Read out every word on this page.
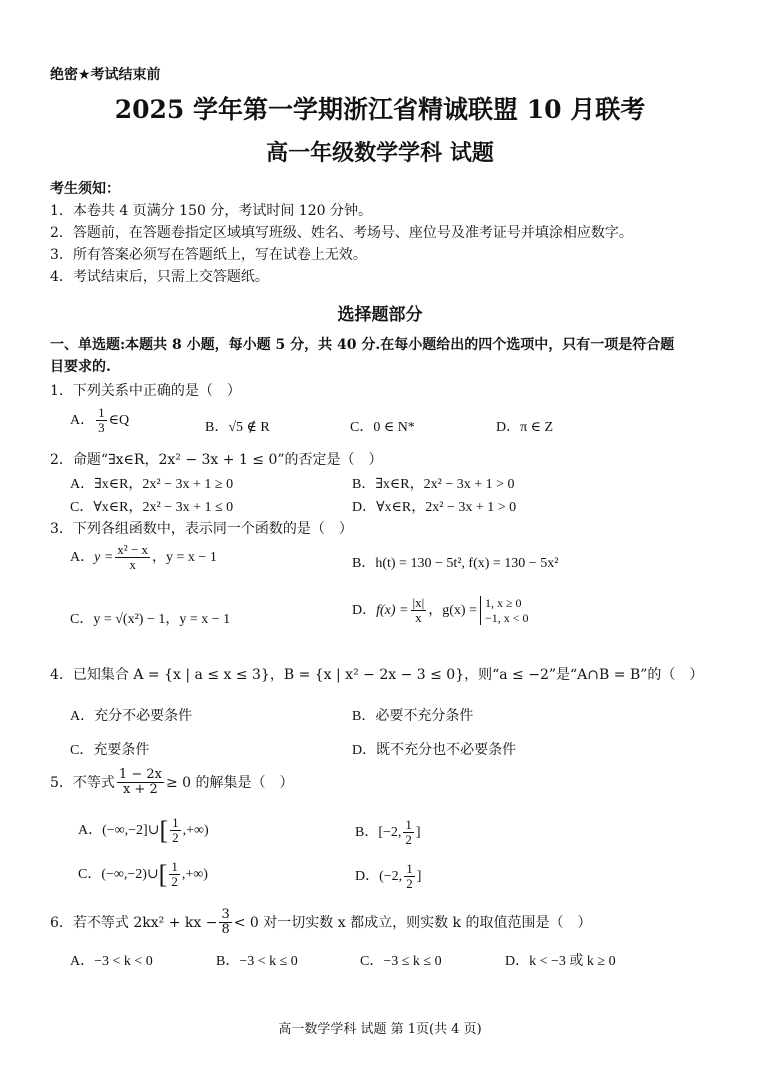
绝密★考试结束前
2025 学年第一学期浙江省精诚联盟 10 月联考
高一年级数学学科 试题
考生须知：
1．本卷共 4 页满分 150 分，考试时间 120 分钟。
2．答题前，在答题卷指定区域填写班级、姓名、考场号、座位号及准考证号并填涂相应数字。
3．所有答案必须写在答题纸上，写在试卷上无效。
4．考试结束后，只需上交答题纸。
选择题部分
一、单选题:本题共 8 小题，每小题 5 分，共 40 分.在每小题给出的四个选项中，只有一项是符合题
目要求的.
1．下列关系中正确的是（　）
A． $\frac{1}{3}$ ∈Q	B．√5 ∉ R	C．0 ∈ N*	D．π ∈ Z
2．命题“∃x∈R，2x² − 3x + 1 ≤ 0”的否定是（　）
A．∃x∈R，2x² − 3x + 1 ≥ 0	B．∃x∈R，2x² − 3x + 1 > 0
C．∀x∈R，2x² − 3x + 1 ≤ 0	D．∀x∈R，2x² − 3x + 1 > 0
3．下列各组函数中，表示同一个函数的是（　）
A．$y = \frac{\text{x² − x}}{x}$ ，y = x − 1	B．h(t) = 130 − 5t², f(x) = 130 − 5x²
C．y = √(x²) − 1，y = x − 1
D．$f(x) = \frac{|x|}{x}$ ，g(x) = 1, x ≥ 0
−1, x < 0
4．已知集合 A = {x | a ≤ x ≤ 3}，B = {x | x² − 2x − 3 ≤ 0}，则“a ≤ −2”是“A∩B = B”的（　）
A．充分不必要条件	B．必要不充分条件
C．充要条件	D．既不充分也不必要条件
5．不等式 $\frac{1 - 2x}{x + 2} \ge 0$ 的解集是（　）
A．(−∞,−2]∪[ $\frac{1}{2}$ ,+∞)	B．[−2, $\frac{1}{2}$ ]
C．(−∞,−2)∪[ $\frac{1}{2}$ ,+∞)	D．(−2, $\frac{1}{2}$ ]
6．若不等式 2kx² + kx − $\frac{3}{8} < 0$ 对一切实数 x 都成立，则实数 k 的取值范围是（　）
A．−3 < k < 0	B．−3 < k ≤ 0	C．−3 ≤ k ≤ 0	D．k < −3 或 k ≥ 0
高一数学学科 试题 第 1页(共 4 页)
